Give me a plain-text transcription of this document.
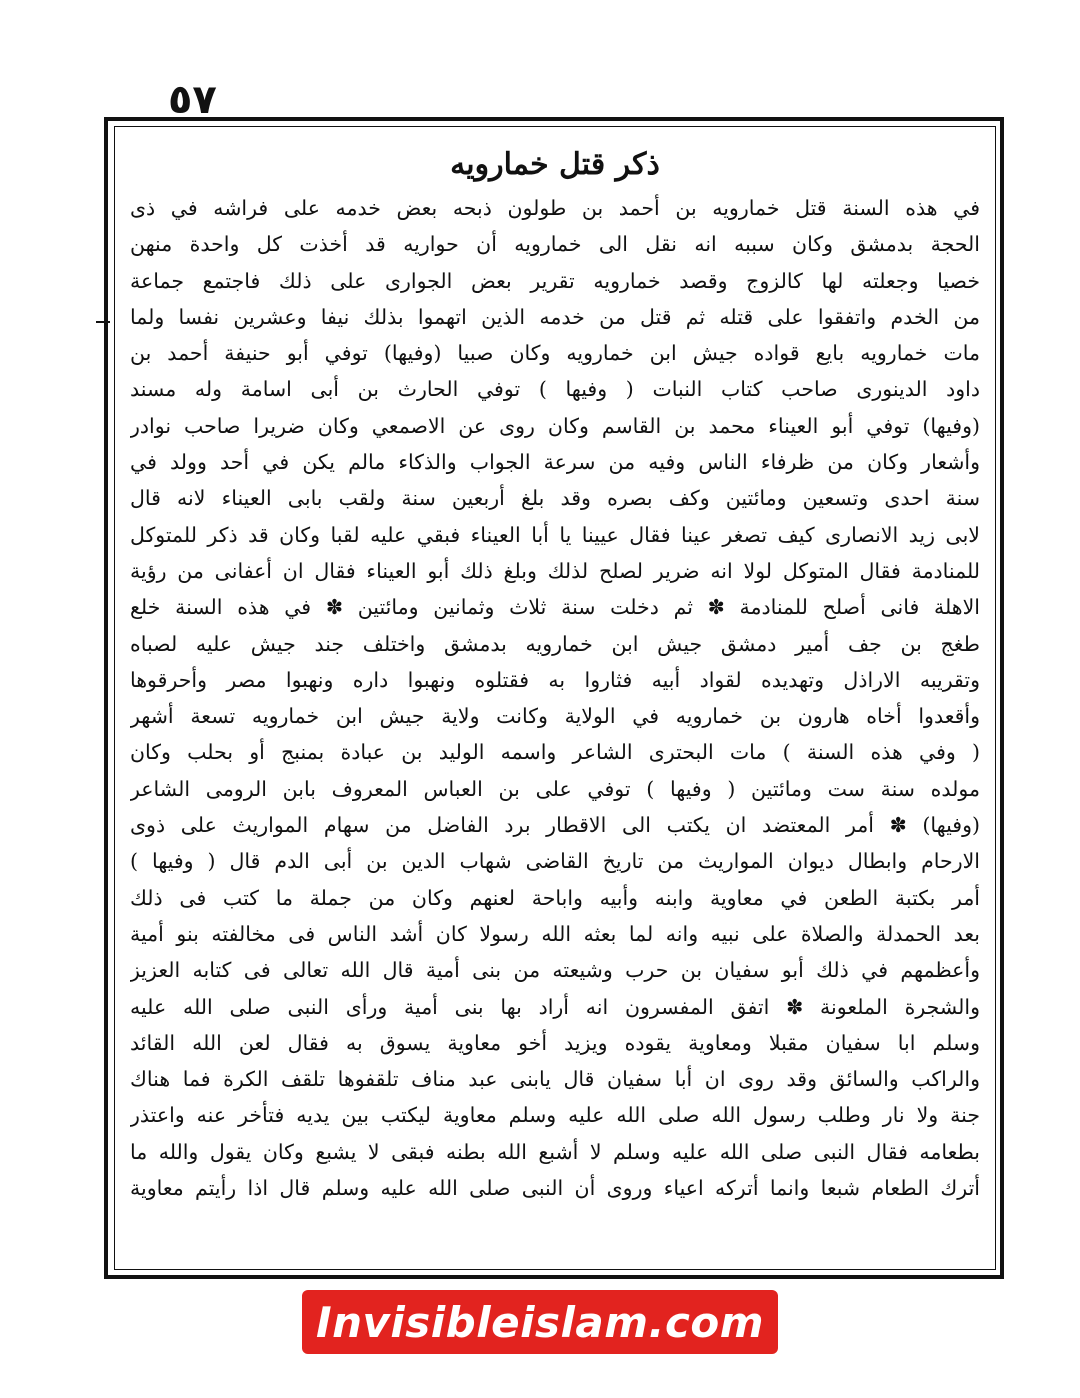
٥٧
ذكر قتل خمارويه
في هذه السنة قتل خمارويه بن أحمد بن طولون ذبحه بعض خدمه على فراشه في ذى
الحجة بدمشق وكان سببه انه نقل الى خمارويه أن حواريه قد أخذت كل واحدة منهن
خصيا وجعلته لها كالزوج وقصد خمارويه تقرير بعض الجوارى على ذلك فاجتمع جماعة
من الخدم واتفقوا على قتله ثم قتل من خدمه الذين اتهموا بذلك نيفا وعشرين نفسا ولما
مات خمارويه بايع قواده جيش ابن خمارويه وكان صبيا (وفيها) توفي أبو حنيفة أحمد بن
داود الدينورى صاحب كتاب النبات ( وفيها ) توفي الحارث بن أبى اسامة وله مسند
(وفيها) توفي أبو العيناء محمد بن القاسم وكان روى عن الاصمعي وكان ضريرا صاحب نوادر
وأشعار وكان من ظرفاء الناس وفيه من سرعة الجواب والذكاء مالم يكن في أحد وولد في
سنة احدى وتسعين ومائتين وكف بصره وقد بلغ أربعين سنة ولقب بابى العيناء لانه قال
لابى زيد الانصارى كيف تصغر عينا فقال عيينا يا أبا العيناء فبقي عليه لقبا وكان قد ذكر للمتوكل
للمنادمة فقال المتوكل لولا انه ضرير لصلح لذلك وبلغ ذلك أبو العيناء فقال ان أعفانى من رؤية
الاهلة فانى أصلح للمنادمة ✽ ثم دخلت سنة ثلاث وثمانين ومائتين ✽ في هذه السنة خلع
طغج بن جف أمير دمشق جيش ابن خمارويه بدمشق واختلف جند جيش عليه لصباه
وتقريبه الاراذل وتهديده لقواد أبيه فثاروا به فقتلوه ونهبوا داره ونهبوا مصر وأحرقوها
وأقعدوا أخاه هارون بن خمارويه في الولاية وكانت ولاية جيش ابن خمارويه تسعة أشهر
( وفي هذه السنة ) مات البحترى الشاعر واسمه الوليد بن عبادة بمنبج أو بحلب وكان
مولده سنة ست ومائتين ( وفيها ) توفي على بن العباس المعروف بابن الرومى الشاعر
(وفيها) ✽ أمر المعتضد ان يكتب الى الاقطار برد الفاضل من سهام المواريث على ذوى
الارحام وابطال ديوان المواريث من تاريخ القاضى شهاب الدين بن أبى الدم قال ( وفيها )
أمر بكتبة الطعن في معاوية وابنه وأبيه واباحة لعنهم وكان من جملة ما كتب فى ذلك
بعد الحمدلة والصلاة على نبيه وانه لما بعثه الله رسولا كان أشد الناس فى مخالفته بنو أمية
وأعظمهم في ذلك أبو سفيان بن حرب وشيعته من بنى أمية قال الله تعالى فى كتابه العزيز
والشجرة الملعونة ✽ اتفق المفسرون انه أراد بها بنى أمية ورأى النبى صلى الله عليه
وسلم ابا سفيان مقبلا ومعاوية يقوده ويزيد أخو معاوية يسوق به فقال لعن الله القائد
والراكب والسائق وقد روى ان أبا سفيان قال يابنى عبد مناف تلقفوها تلقف الكرة فما هناك
جنة ولا نار وطلب رسول الله صلى الله عليه وسلم معاوية ليكتب بين يديه فتأخر عنه واعتذر
بطعامه فقال النبى صلى الله عليه وسلم لا أشبع الله بطنه فبقى لا يشبع وكان يقول والله ما
أترك الطعام شبعا وانما أتركه اعياء وروى أن النبى صلى الله عليه وسلم قال اذا رأيتم معاوية
Invisibleislam.com
